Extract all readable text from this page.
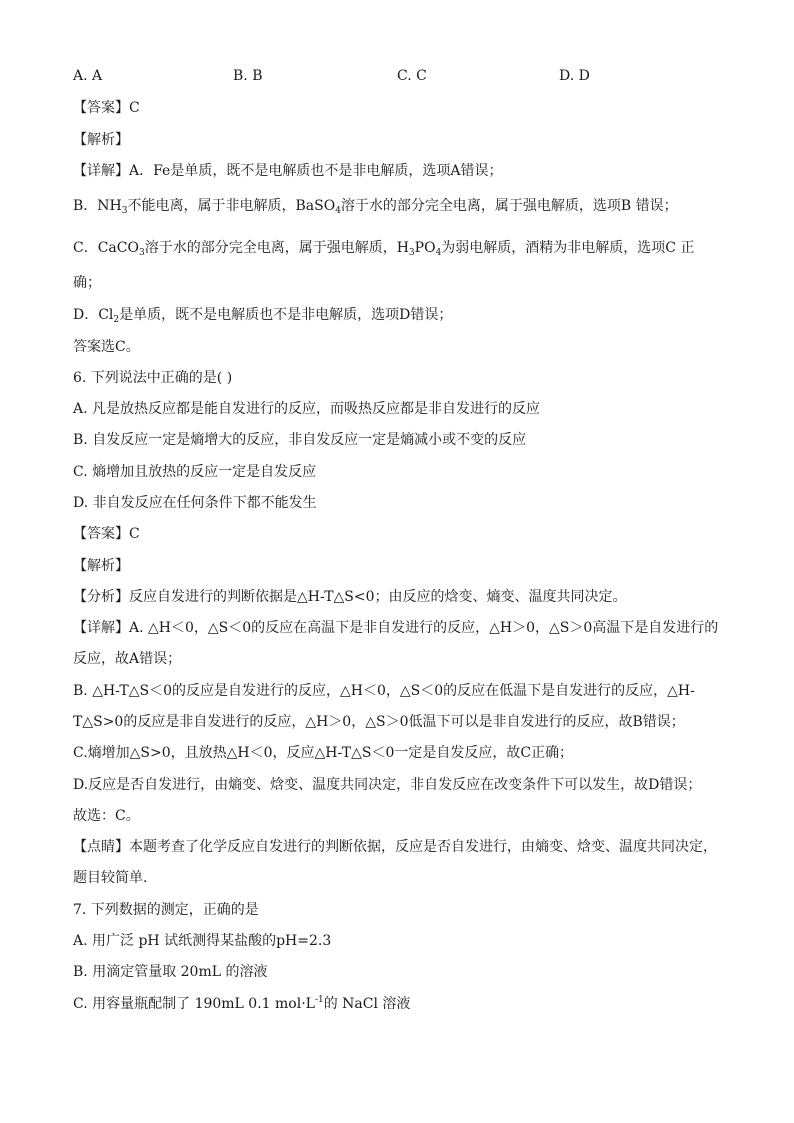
A. A	B. B	C. C	D. D
【答案】C
【解析】
【详解】A．Fe是单质，既不是电解质也不是非电解质，选项A错误；
B．$NH_3$不能电离，属于非电解质，BaSO$_4$溶于水的部分完全电离，属于强电解质，选项B 错误；
C．CaCO$_3$溶于水的部分完全电离，属于强电解质，$H_3PO_4$为弱电解质，酒精为非电解质，选项C 正
确；
D．$Cl_2$是单质，既不是电解质也不是非电解质，选项D错误；
答案选C。
6. 下列说法中正确的是( )
A. 凡是放热反应都是能自发进行的反应，而吸热反应都是非自发进行的反应
B. 自发反应一定是熵增大的反应，非自发反应一定是熵减小或不变的反应
C. 熵增加且放热的反应一定是自发反应
D. 非自发反应在任何条件下都不能发生
【答案】C
【解析】
【分析】反应自发进行的判断依据是△H-T△S<0；由反应的焓变、熵变、温度共同决定。
【详解】A. △H＜0，△S＜0的反应在高温下是非自发进行的反应，△H＞0，△S＞0高温下是自发进行的
反应，故A错误；
B. △H-T△S＜0的反应是自发进行的反应，△H＜0，△S＜0的反应在低温下是自发进行的反应，△H-
T△S>0的反应是非自发进行的反应，△H＞0，△S＞0低温下可以是非自发进行的反应，故B错误；
C.熵增加△S>0，且放热△H＜0，反应△H-T△S＜0一定是自发反应，故C正确；
D.反应是否自发进行，由熵变、焓变、温度共同决定，非自发反应在改变条件下可以发生，故D错误；
故选：C。
【点睛】本题考查了化学反应自发进行的判断依据，反应是否自发进行，由熵变、焓变、温度共同决定，
题目较简单.
7. 下列数据的测定，正确的是
A. 用广泛 pH 试纸测得某盐酸的pH=2.3
B. 用滴定管量取 20mL 的溶液
C. 用容量瓶配制了 190mL 0.1 $mol\cdot L^{-1}$的 NaCl 溶液
